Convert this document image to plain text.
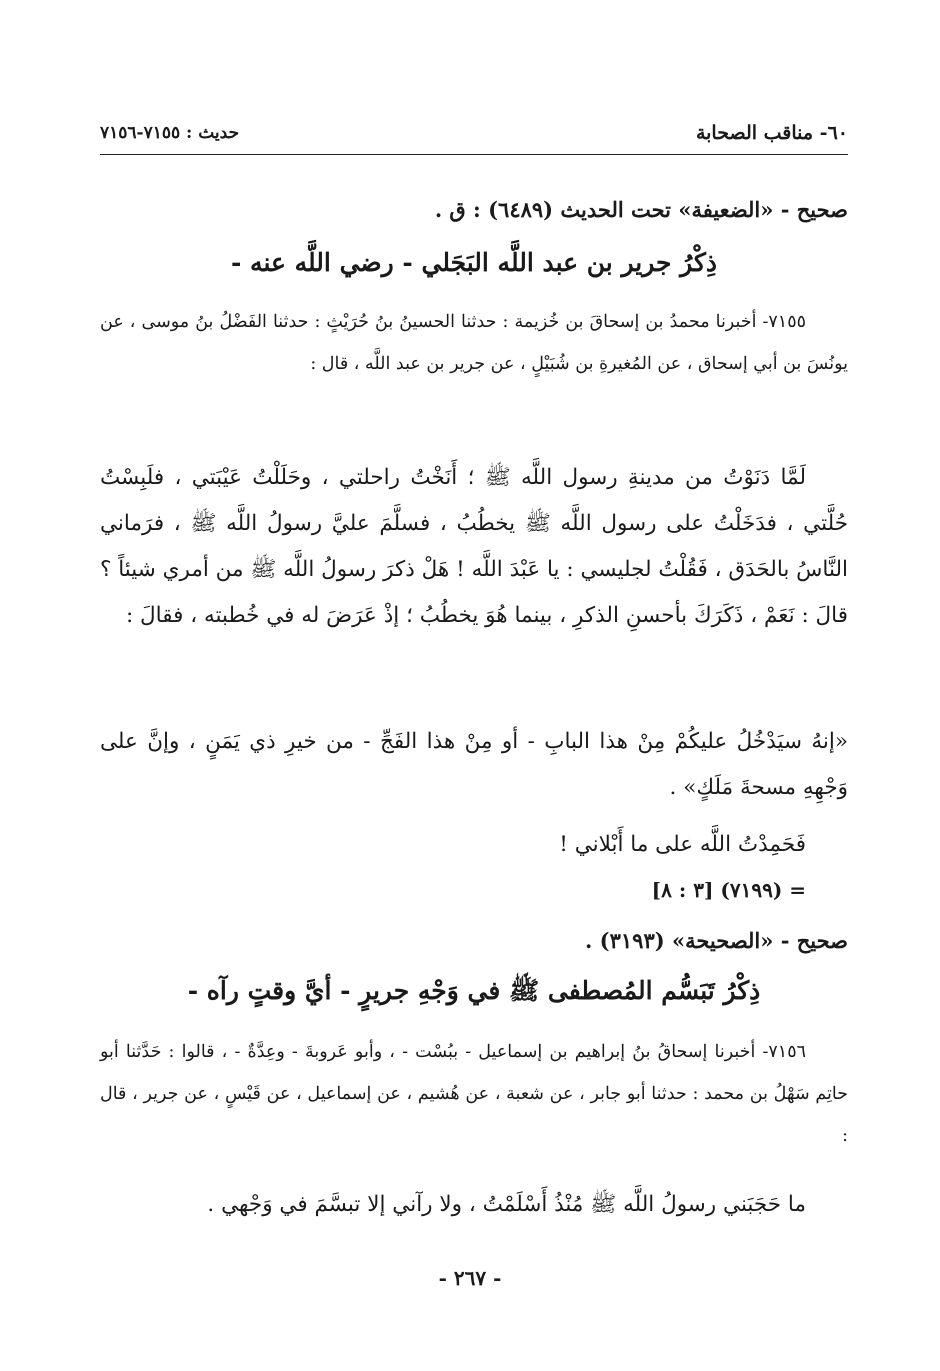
٦٠- مناقب الصحابة
حديث : ٧١٥٥-٧١٥٦
صحيح - «الضعيفة» تحت الحديث (٦٤٨٩) : ق .
ذِكْرُ جرير بن عبد اللَّه البَجَلي - رضي اللَّه عنه -
٧١٥٥- أخبرنا محمدُ بن إسحاقَ بن خُزيمة : حدثنا الحسينُ بنُ حُرَيْثٍ : حدثنا الفَضْلُ بنُ موسى ، عن يونُسَ بن أبي إسحاق ، عن المُغيرةِ بن شُبَيْلٍ ، عن جرير بن عبد اللَّه ، قال :
لَمَّا دَنَوْتُ من مدينةِ رسول اللَّه ﷺ ؛ أَنَخْتُ راحلتي ، وحَلَلْتُ عَيْبَتي ، فلَبِسْتُ حُلَّتي ، فدَخَلْتُ على رسول اللَّه ﷺ يخطُبُ ، فسلَّمَ عليَّ رسولُ اللَّه ﷺ ، فرَماني النَّاسُ بالحَدَق ، فَقُلْتُ لجليسي : يا عَبْدَ اللَّه ! هَلْ ذكرَ رسولُ اللَّه ﷺ من أمري شيئاً ؟ قالَ : نَعَمْ ، ذَكَرَكَ بأحسنِ الذكرِ ، بينما هُوَ يخطُبُ ؛ إذْ عَرَضَ له في خُطبته ، فقالَ :
«إنهُ سيَدْخُلُ عليكُمْ مِنْ هذا البابِ - أو مِنْ هذا الفَجِّ - من خيرِ ذي يَمَنٍ ، وإنَّ على وَجْهِهِ مسحةَ مَلَكٍ» .
فَحَمِدْتُ اللَّه على ما أَبْلاني !
= (٧١٩٩) [٣ : ٨]
صحيح - «الصحيحة» (٣١٩٣) .
ذِكْرُ تَبَسُّم المُصطفى ﷺ في وَجْهِ جريرٍ - أيَّ وقتٍ رآه -
٧١٥٦- أخبرنا إسحاقُ بنُ إبراهيم بن إسماعيل - ببُسْت - ، وأبو عَروبةَ - وعِدَّةٌ - ، قالوا : حَدَّثنا أبو حاتِم سَهْلُ بن محمد : حدثنا أبو جابر ، عن شعبة ، عن هُشيم ، عن إسماعيل ، عن قَيْسٍ ، عن جرير ، قال :
ما حَجَبَني رسولُ اللَّه ﷺ مُنْذُ أَسْلَمْتُ ، ولا رآني إلا تبسَّمَ في وَجْهي .
- ٢٦٧ -
